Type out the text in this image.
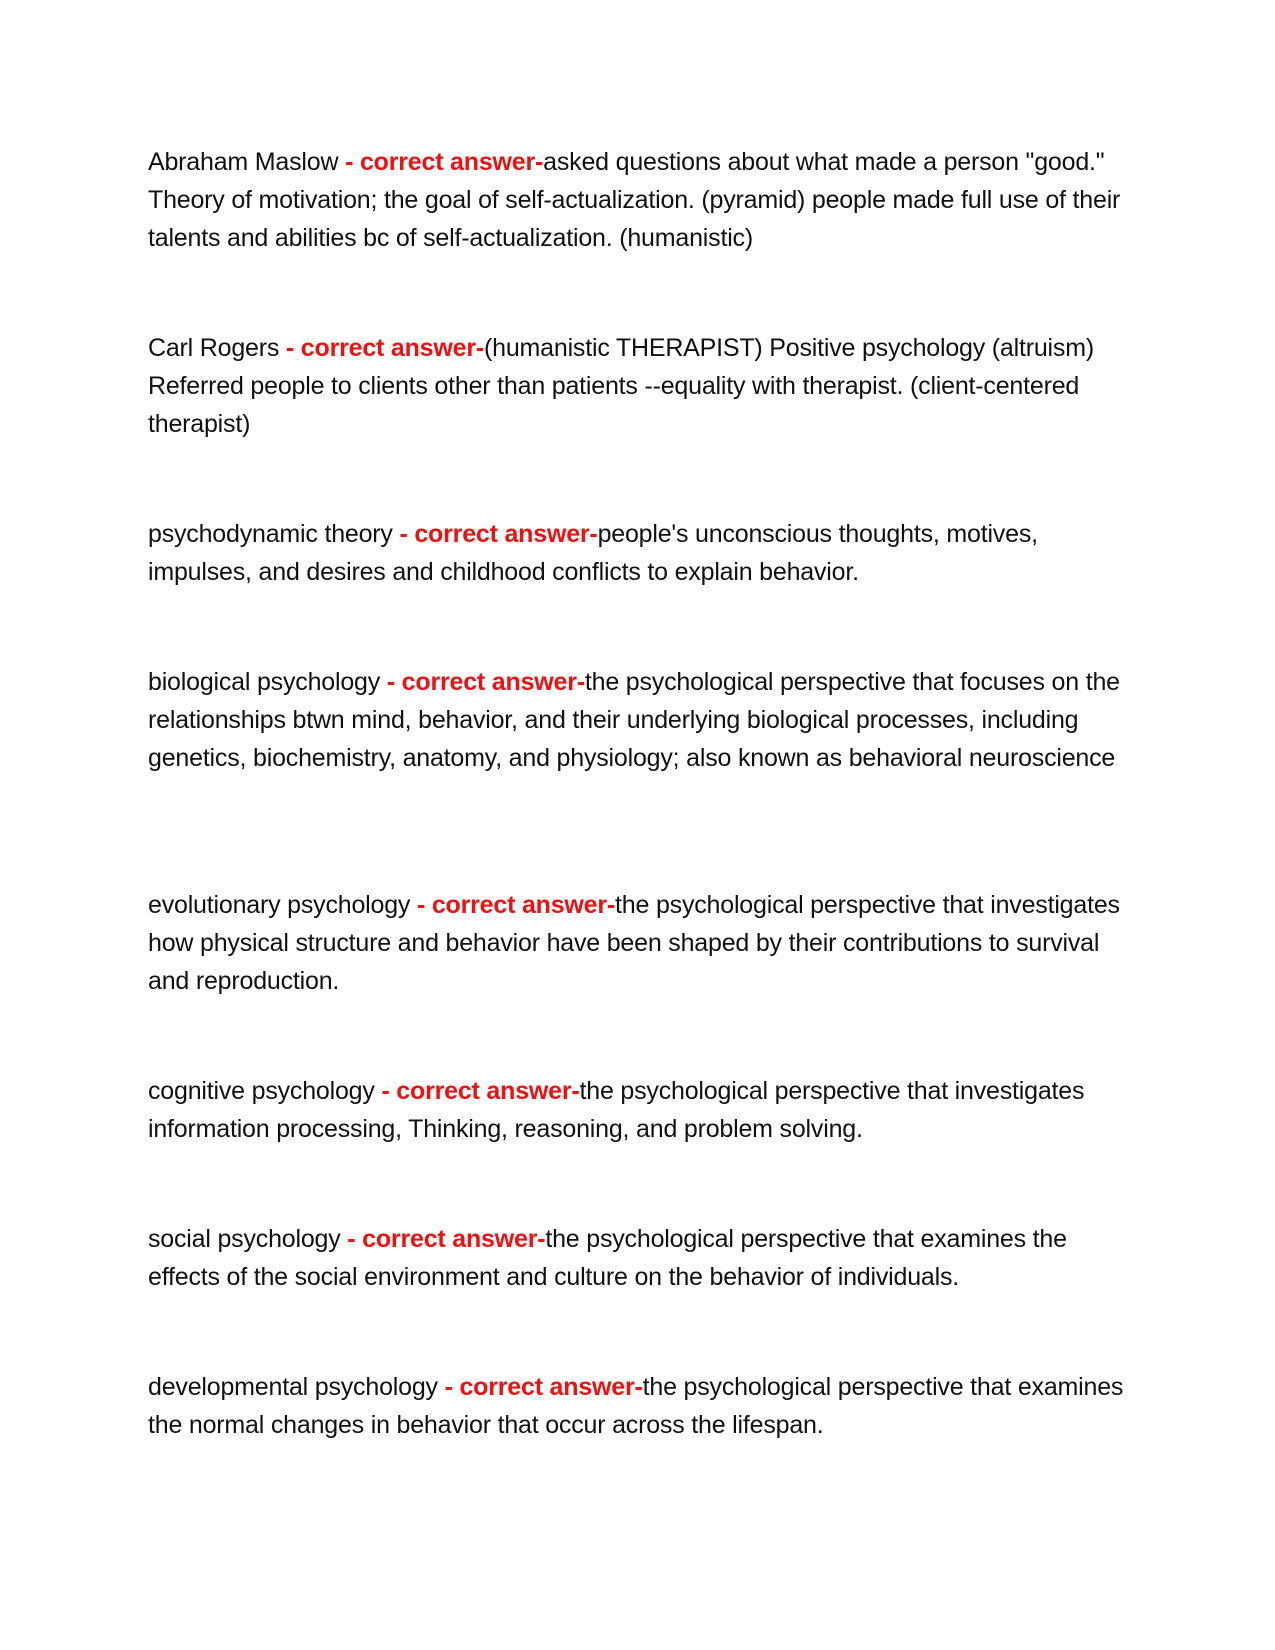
Abraham Maslow - correct answer-asked questions about what made a person "good." Theory of motivation; the goal of self-actualization. (pyramid) people made full use of their talents and abilities bc of self-actualization. (humanistic)

Carl Rogers - correct answer-(humanistic THERAPIST) Positive psychology (altruism) Referred people to clients other than patients --equality with therapist. (client-centered therapist)

psychodynamic theory - correct answer-people's unconscious thoughts, motives, impulses, and desires and childhood conflicts to explain behavior.

biological psychology - correct answer-the psychological perspective that focuses on the relationships btwn mind, behavior, and their underlying biological processes, including genetics, biochemistry, anatomy, and physiology; also known as behavioral neuroscience

evolutionary psychology - correct answer-the psychological perspective that investigates how physical structure and behavior have been shaped by their contributions to survival and reproduction.

cognitive psychology - correct answer-the psychological perspective that investigates information processing, Thinking, reasoning, and problem solving.

social psychology - correct answer-the psychological perspective that examines the effects of the social environment and culture on the behavior of individuals.

developmental psychology - correct answer-the psychological perspective that examines the normal changes in behavior that occur across the lifespan.
